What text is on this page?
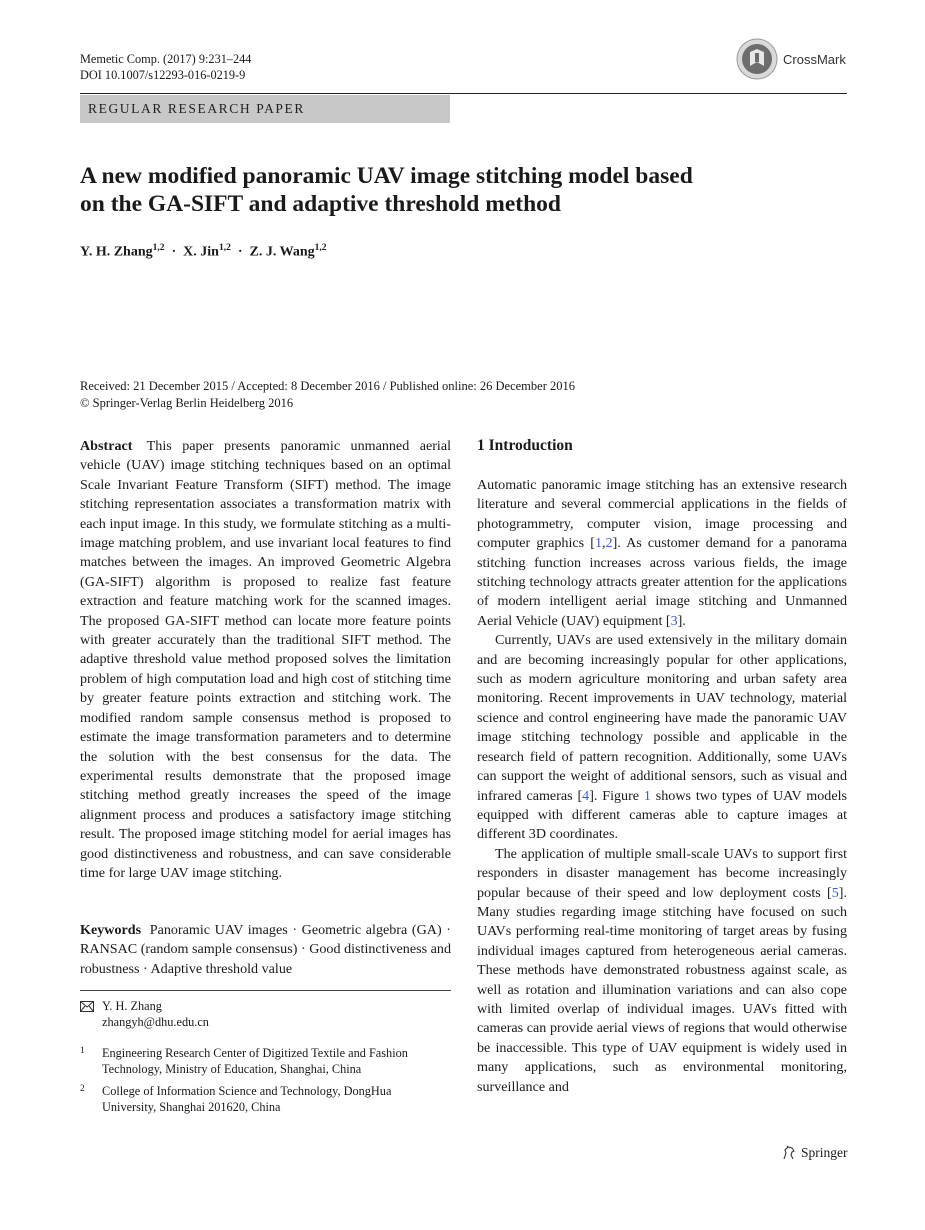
Memetic Comp. (2017) 9:231–244
DOI 10.1007/s12293-016-0219-9
CrossMark
REGULAR RESEARCH PAPER
A new modified panoramic UAV image stitching model based
on the GA-SIFT and adaptive threshold method
Y. H. Zhang$^{1,2}$ · X. Jin$^{1,2}$ · Z. J. Wang$^{1,2}$
Received: 21 December 2015 / Accepted: 8 December 2016 / Published online: 26 December 2016
© Springer-Verlag Berlin Heidelberg 2016

Abstract This paper presents panoramic unmanned aerial vehicle (UAV) image stitching techniques based on an optimal Scale Invariant Feature Transform (SIFT) method. The image stitching representation associates a transformation matrix with each input image. In this study, we formulate stitching as a multi-image matching problem, and use invariant local features to find matches between the images. An improved Geometric Algebra (GA-SIFT) algorithm is proposed to realize fast feature extraction and feature matching work for the scanned images. The proposed GA-SIFT method can locate more feature points with greater accurately than the traditional SIFT method. The adaptive threshold value method proposed solves the limitation problem of high computation load and high cost of stitching time by greater feature points extraction and stitching work. The modified random sample consensus method is proposed to estimate the image transformation parameters and to determine the solution with the best consensus for the data. The experimental results demonstrate that the proposed image stitching method greatly increases the speed of the image alignment process and produces a satisfactory image stitching result. The proposed image stitching model for aerial images has good distinctiveness and robustness, and can save considerable time for large UAV image stitching.

Keywords Panoramic UAV images · Geometric algebra (GA) · RANSAC (random sample consensus) · Good distinctiveness and robustness · Adaptive threshold value

Y. H. Zhang
zhangyh@dhu.edu.cn
1 Engineering Research Center of Digitized Textile and Fashion Technology, Ministry of Education, Shanghai, China
2 College of Information Science and Technology, DongHua University, Shanghai 201620, China
1 Introduction

Automatic panoramic image stitching has an extensive research literature and several commercial applications in the fields of photogrammetry, computer vision, image processing and computer graphics [1,2]. As customer demand for a panorama stitching function increases across various fields, the image stitching technology attracts greater attention for the applications of modern intelligent aerial image stitching and Unmanned Aerial Vehicle (UAV) equipment [3].

Currently, UAVs are used extensively in the military domain and are becoming increasingly popular for other applications, such as modern agriculture monitoring and urban safety area monitoring. Recent improvements in UAV technology, material science and control engineering have made the panoramic UAV image stitching technology possible and applicable in the research field of pattern recognition. Additionally, some UAVs can support the weight of additional sensors, such as visual and infrared cameras [4]. Figure 1 shows two types of UAV models equipped with different cameras able to capture images at different 3D coordinates.

The application of multiple small-scale UAVs to support first responders in disaster management has become increasingly popular because of their speed and low deployment costs [5]. Many studies regarding image stitching have focused on such UAVs performing real-time monitoring of target areas by fusing individual images captured from heterogeneous aerial cameras. These methods have demonstrated robustness against scale, as well as rotation and illumination variations and can also cope with limited overlap of individual images. UAVs fitted with cameras can provide aerial views of regions that would otherwise be inaccessible. This type of UAV equipment is widely used in many applications, such as environmental monitoring, surveillance and

Springer
